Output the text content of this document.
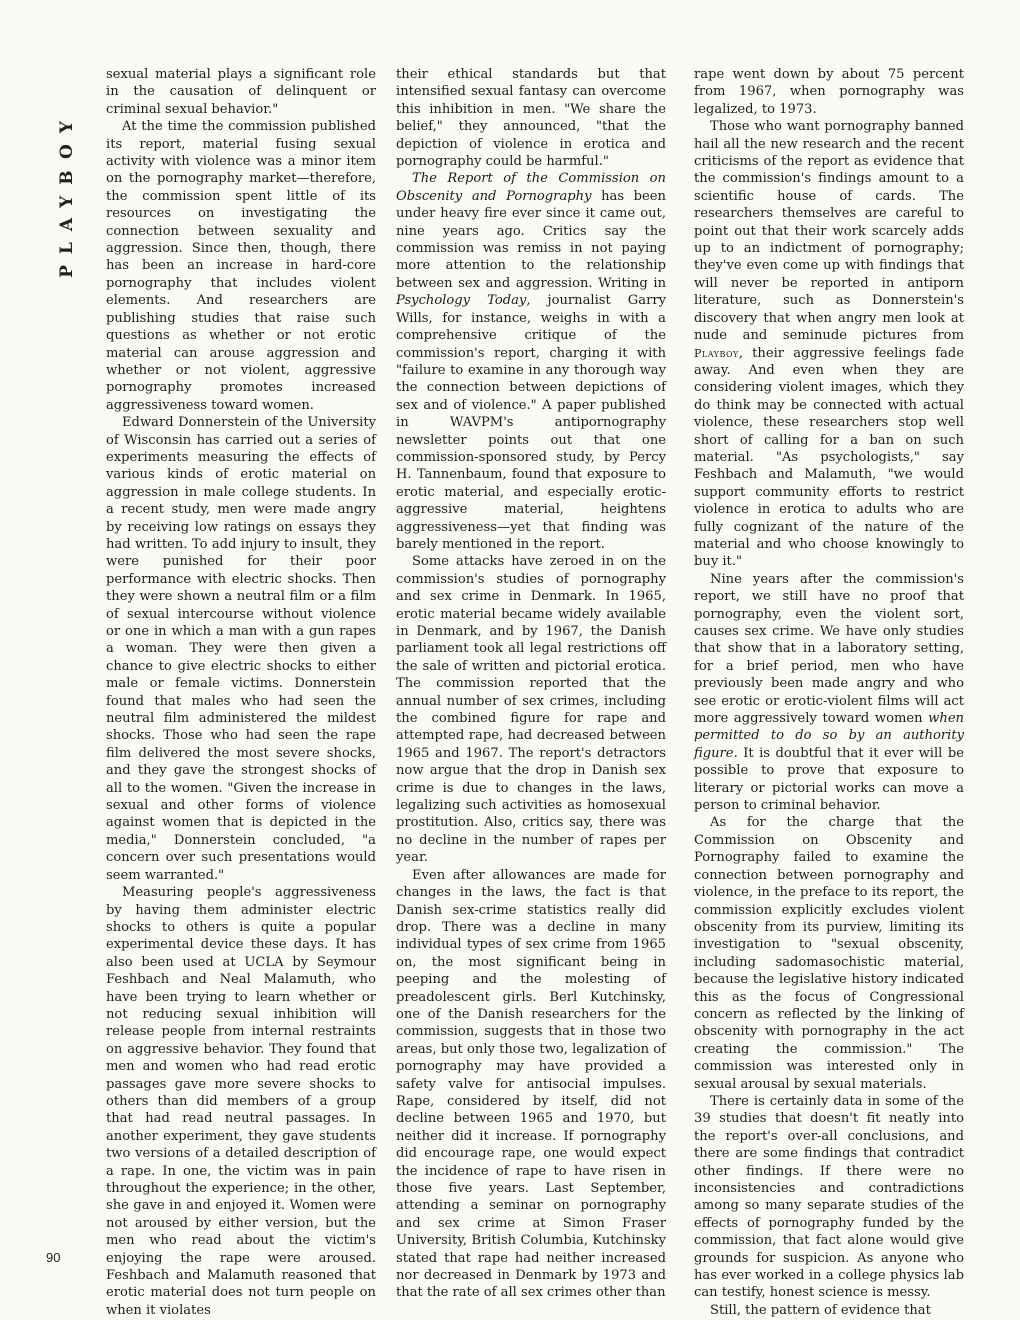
PLAYBOY
90

sexual material plays a significant role in the causation of delinquent or criminal sexual behavior."

At the time the commission published its report, material fusing sexual activity with violence was a minor item on the pornography market—therefore, the commission spent little of its resources on investigating the connection between sexuality and aggression. Since then, though, there has been an increase in hard-core pornography that includes violent elements. And researchers are publishing studies that raise such questions as whether or not erotic material can arouse aggression and whether or not violent, aggressive pornography promotes increased aggressiveness toward women.

Edward Donnerstein of the University of Wisconsin has carried out a series of experiments measuring the effects of various kinds of erotic material on aggression in male college students. In a recent study, men were made angry by receiving low ratings on essays they had written. To add injury to insult, they were punished for their poor performance with electric shocks. Then they were shown a neutral film or a film of sexual intercourse without violence or one in which a man with a gun rapes a woman. They were then given a chance to give electric shocks to either male or female victims. Donnerstein found that males who had seen the neutral film administered the mildest shocks. Those who had seen the rape film delivered the most severe shocks, and they gave the strongest shocks of all to the women. "Given the increase in sexual and other forms of violence against women that is depicted in the media," Donnerstein concluded, "a concern over such presentations would seem warranted."

Measuring people's aggressiveness by having them administer electric shocks to others is quite a popular experimental device these days. It has also been used at UCLA by Seymour Feshbach and Neal Malamuth, who have been trying to learn whether or not reducing sexual inhibition will release people from internal restraints on aggressive behavior. They found that men and women who had read erotic passages gave more severe shocks to others than did members of a group that had read neutral passages. In another experiment, they gave students two versions of a detailed description of a rape. In one, the victim was in pain throughout the experience; in the other, she gave in and enjoyed it. Women were not aroused by either version, but the men who read about the victim's enjoying the rape were aroused. Feshbach and Malamuth reasoned that erotic material does not turn people on when it violates

their ethical standards but that intensified sexual fantasy can overcome this inhibition in men. "We share the belief," they announced, "that the depiction of violence in erotica and pornography could be harmful."

The Report of the Commission on Obscenity and Pornography has been under heavy fire ever since it came out, nine years ago. Critics say the commission was remiss in not paying more attention to the relationship between sex and aggression. Writing in Psychology Today, journalist Garry Wills, for instance, weighs in with a comprehensive critique of the commission's report, charging it with "failure to examine in any thorough way the connection between depictions of sex and of violence." A paper published in WAVPM's antipornography newsletter points out that one commission-sponsored study, by Percy H. Tannenbaum, found that exposure to erotic material, and especially erotic-aggressive material, heightens aggressiveness—yet that finding was barely mentioned in the report.

Some attacks have zeroed in on the commission's studies of pornography and sex crime in Denmark. In 1965, erotic material became widely available in Denmark, and by 1967, the Danish parliament took all legal restrictions off the sale of written and pictorial erotica. The commission reported that the annual number of sex crimes, including the combined figure for rape and attempted rape, had decreased between 1965 and 1967. The report's detractors now argue that the drop in Danish sex crime is due to changes in the laws, legalizing such activities as homosexual prostitution. Also, critics say, there was no decline in the number of rapes per year.

Even after allowances are made for changes in the laws, the fact is that Danish sex-crime statistics really did drop. There was a decline in many individual types of sex crime from 1965 on, the most significant being in peeping and the molesting of preadolescent girls. Berl Kutchinsky, one of the Danish researchers for the commission, suggests that in those two areas, but only those two, legalization of pornography may have provided a safety valve for antisocial impulses. Rape, considered by itself, did not decline between 1965 and 1970, but neither did it increase. If pornography did encourage rape, one would expect the incidence of rape to have risen in those five years. Last September, attending a seminar on pornography and sex crime at Simon Fraser University, British Columbia, Kutchinsky stated that rape had neither increased nor decreased in Denmark by 1973 and that the rate of all sex crimes other than

rape went down by about 75 percent from 1967, when pornography was legalized, to 1973.

Those who want pornography banned hail all the new research and the recent criticisms of the report as evidence that the commission's findings amount to a scientific house of cards. The researchers themselves are careful to point out that their work scarcely adds up to an indictment of pornography; they've even come up with findings that will never be reported in antiporn literature, such as Donnerstein's discovery that when angry men look at nude and seminude pictures from Playboy, their aggressive feelings fade away. And even when they are considering violent images, which they do think may be connected with actual violence, these researchers stop well short of calling for a ban on such material. "As psychologists," say Feshbach and Malamuth, "we would support community efforts to restrict violence in erotica to adults who are fully cognizant of the nature of the material and who choose knowingly to buy it."

Nine years after the commission's report, we still have no proof that pornography, even the violent sort, causes sex crime. We have only studies that show that in a laboratory setting, for a brief period, men who have previously been made angry and who see erotic or erotic-violent films will act more aggressively toward women when permitted to do so by an authority figure. It is doubtful that it ever will be possible to prove that exposure to literary or pictorial works can move a person to criminal behavior.

As for the charge that the Commission on Obscenity and Pornography failed to examine the connection between pornography and violence, in the preface to its report, the commission explicitly excludes violent obscenity from its purview, limiting its investigation to "sexual obscenity, including sadomasochistic material, because the legislative history indicated this as the focus of Congressional concern as reflected by the linking of obscenity with pornography in the act creating the commission." The commission was interested only in sexual arousal by sexual materials.

There is certainly data in some of the 39 studies that doesn't fit neatly into the report's over-all conclusions, and there are some findings that contradict other findings. If there were no inconsistencies and contradictions among so many separate studies of the effects of pornography funded by the commission, that fact alone would give grounds for suspicion. As anyone who has ever worked in a college physics lab can testify, honest science is messy.

Still, the pattern of evidence that
